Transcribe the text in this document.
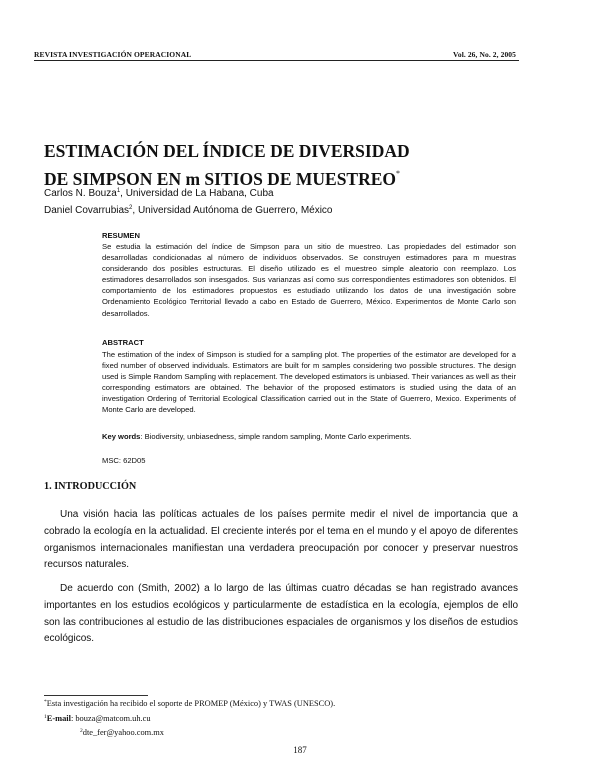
REVISTA INVESTIGACIÓN OPERACIONAL	Vol. 26, No. 2, 2005
ESTIMACIÓN DEL ÍNDICE DE DIVERSIDAD
DE SIMPSON EN m SITIOS DE MUESTREO*
Carlos N. Bouza$^1$, Universidad de La Habana, Cuba
Daniel Covarrubias$^2$, Universidad Autónoma de Guerrero, México
RESUMEN
Se estudia la estimación del índice de Simpson para un sitio de muestreo. Las propiedades del estimador son desarrolladas condicionadas al número de individuos observados. Se construyen estimadores para m muestras considerando dos posibles estructuras. El diseño utilizado es el muestreo simple aleatorio con reemplazo. Los estimadores desarrollados son insesgados. Sus varianzas así como sus correspondientes estimadores son obtenidos. El comportamiento de los estimadores propuestos es estudiado utilizando los datos de una investigación sobre Ordenamiento Ecológico Territorial llevado a cabo en Estado de Guerrero, México. Experimentos de Monte Carlo son desarrollados.
ABSTRACT
The estimation of the index of Simpson is studied for a sampling plot. The properties of the estimator are developed for a fixed number of observed individuals. Estimators are built for m samples considering two possible structures. The design used is Simple Random Sampling with replacement. The developed estimators is unbiased. Their variances as well as their corresponding estimators are obtained. The behavior of the proposed estimators is studied using the data of an investigation Ordering of Territorial Ecological Classification carried out in the State of Guerrero, Mexico. Experiments of Monte Carlo are developed.
Key words: Biodiversity, unbiasedness, simple random sampling, Monte Carlo experiments.
MSC: 62D05
1. INTRODUCCIÓN
Una visión hacia las políticas actuales de los países permite medir el nivel de importancia que a cobrado la ecología en la actualidad. El creciente interés por el tema en el mundo y el apoyo de diferentes organismos internacionales manifiestan una verdadera preocupación por conocer y preservar nuestros recursos naturales.
De acuerdo con (Smith, 2002) a lo largo de las últimas cuatro décadas se han registrado avances importantes en los estudios ecológicos y particularmente de estadística en la ecología, ejemplos de ello son las contribuciones al estudio de las distribuciones espaciales de organismos y los diseños de estudios ecológicos.
*Esta investigación ha recibido el soporte de PROMEP (México) y TWAS (UNESCO).
$^1$E-mail: bouza@matcom.uh.cu
$^2$dte_fer@yahoo.com.mx
187
